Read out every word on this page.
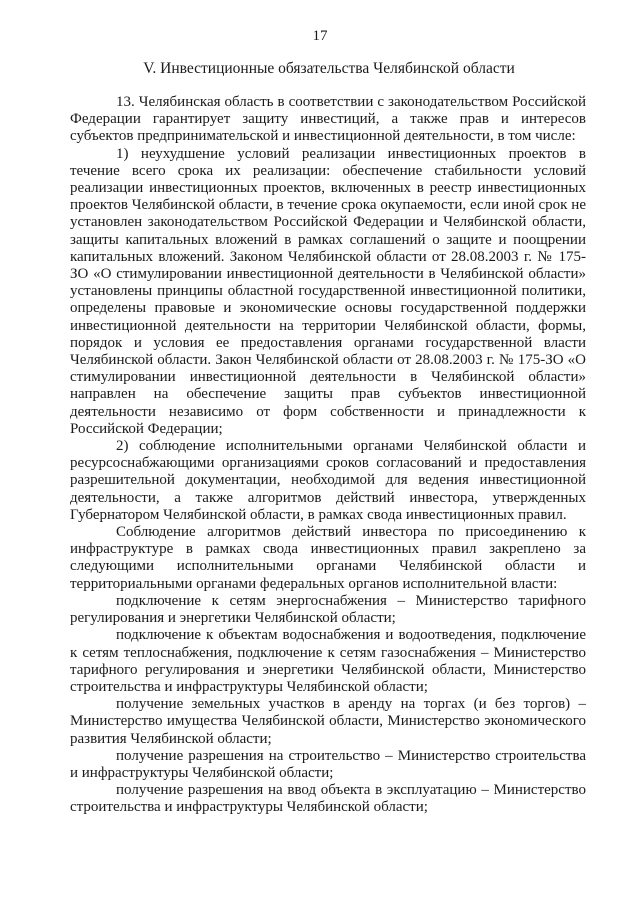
17
V. Инвестиционные обязательства Челябинской области

13. Челябинская область в соответствии с законодательством Российской Федерации гарантирует защиту инвестиций, а также прав и интересов субъектов предпринимательской и инвестиционной деятельности, в том числе:

1) неухудшение условий реализации инвестиционных проектов в течение всего срока их реализации: обеспечение стабильности условий реализации инвестиционных проектов, включенных в реестр инвестиционных проектов Челябинской области, в течение срока окупаемости, если иной срок не установлен законодательством Российской Федерации и Челябинской области, защиты капитальных вложений в рамках соглашений о защите и поощрении капитальных вложений. Законом Челябинской области от 28.08.2003 г. № 175-ЗО «О стимулировании инвестиционной деятельности в Челябинской области» установлены принципы областной государственной инвестиционной политики, определены правовые и экономические основы государственной поддержки инвестиционной деятельности на территории Челябинской области, формы, порядок и условия ее предоставления органами государственной власти Челябинской области. Закон Челябинской области от 28.08.2003 г. № 175-ЗО «О стимулировании инвестиционной деятельности в Челябинской области» направлен на обеспечение защиты прав субъектов инвестиционной деятельности независимо от форм собственности и принадлежности к Российской Федерации;

2) соблюдение исполнительными органами Челябинской области и ресурсоснабжающими организациями сроков согласований и предоставления разрешительной документации, необходимой для ведения инвестиционной деятельности, а также алгоритмов действий инвестора, утвержденных Губернатором Челябинской области, в рамках свода инвестиционных правил.

Соблюдение алгоритмов действий инвестора по присоединению к инфраструктуре в рамках свода инвестиционных правил закреплено за следующими исполнительными органами Челябинской области и территориальными органами федеральных органов исполнительной власти:

подключение к сетям энергоснабжения – Министерство тарифного регулирования и энергетики Челябинской области;

подключение к объектам водоснабжения и водоотведения, подключение к сетям теплоснабжения, подключение к сетям газоснабжения – Министерство тарифного регулирования и энергетики Челябинской области, Министерство строительства и инфраструктуры Челябинской области;

получение земельных участков в аренду на торгах (и без торгов) – Министерство имущества Челябинской области, Министерство экономического развития Челябинской области;

получение разрешения на строительство – Министерство строительства и инфраструктуры Челябинской области;

получение разрешения на ввод объекта в эксплуатацию – Министерство строительства и инфраструктуры Челябинской области;
